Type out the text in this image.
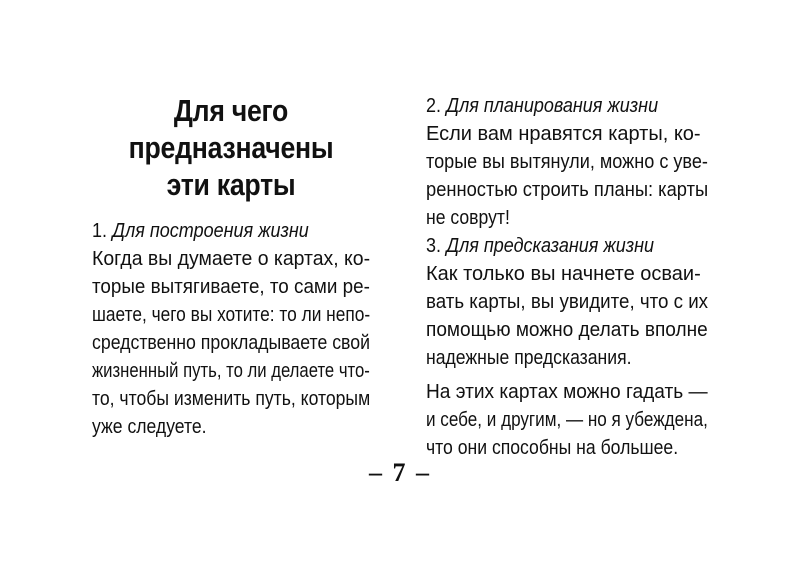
Для чего
предназначены
эти карты
1. Для построения жизни

Когда вы думаете о картах, ко-
торые вытягиваете, то сами ре-
шаете, чего вы хотите: то ли непо-
средственно прокладываете свой
жизненный путь, то ли делаете что-
то, чтобы изменить путь, которым
уже следуете.

2. Для планирования жизни

Если вам нравятся карты, ко-
торые вы вытянули, можно с уве-
ренностью строить планы: карты
не соврут!

3. Для предсказания жизни

Как только вы начнете осваи-
вать карты, вы увидите, что с их
помощью можно делать вполне
надежные предсказания.

На этих картах можно гадать —
и себе, и другим, — но я убеждена,
что они способны на большее.

– 7 –
